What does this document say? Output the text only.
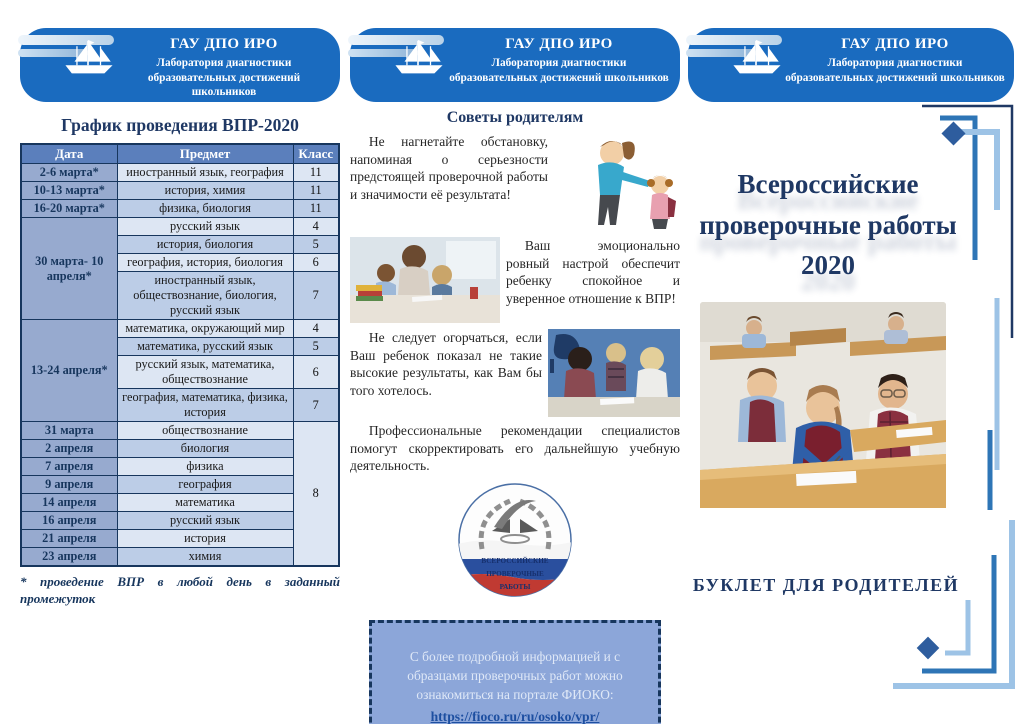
ГАУ ДПО ИРО
Лаборатория диагностики
образовательных достижений школьников
График проведения ВПР-2020
Дата	Предмет	Класс
2-6 марта*	иностранный язык, география	11
10-13 марта*	история, химия	11
16-20 марта*	физика, биология	11
30 марта- 10 апреля*	русский язык	4
	история, биология	5
	география, история, биология	6
	иностранный язык, обществознание, биология, русский язык	7
13-24 апреля*	математика, окружающий мир	4
	математика, русский язык	5
	русский язык, математика, обществознание	6
	география, математика, физика, история	7
31 марта	обществознание	8
2 апреля	биология	
7 апреля	физика	
9 апреля	география	
14 апреля	математика	
16 апреля	русский язык	
21 апреля	история	
23 апреля	химия	
* проведение ВПР в любой день в заданный промежуток
ГАУ ДПО ИРО
Лаборатория диагностики
образовательных достижений школьников
Советы родителям
Не нагнетайте обстановку, напоминая о серьезности предстоящей проверочной работы и значимости её результата!
Ваш эмоционально ровный настрой обеспечит ребенку спокойное и уверенное отношение к ВПР!
Не следует огорчаться, если Ваш ребенок показал не такие высокие результаты, как Вам бы того хотелось.
Профессиональные рекомендации специалистов помогут скорректировать его дальнейшую учебную деятельность.
ВСЕРОССИЙСКИЕ
ПРОВЕРОЧНЫЕ
РАБОТЫ
С более подробной информацией и с образцами проверочных работ можно ознакомиться на портале ФИОКО:
https://fioco.ru/ru/osoko/vpr/
ГАУ ДПО ИРО
Лаборатория диагностики
образовательных достижений школьников
Всероссийские
проверочные работы
2020
БУКЛЕТ ДЛЯ РОДИТЕЛЕЙ
